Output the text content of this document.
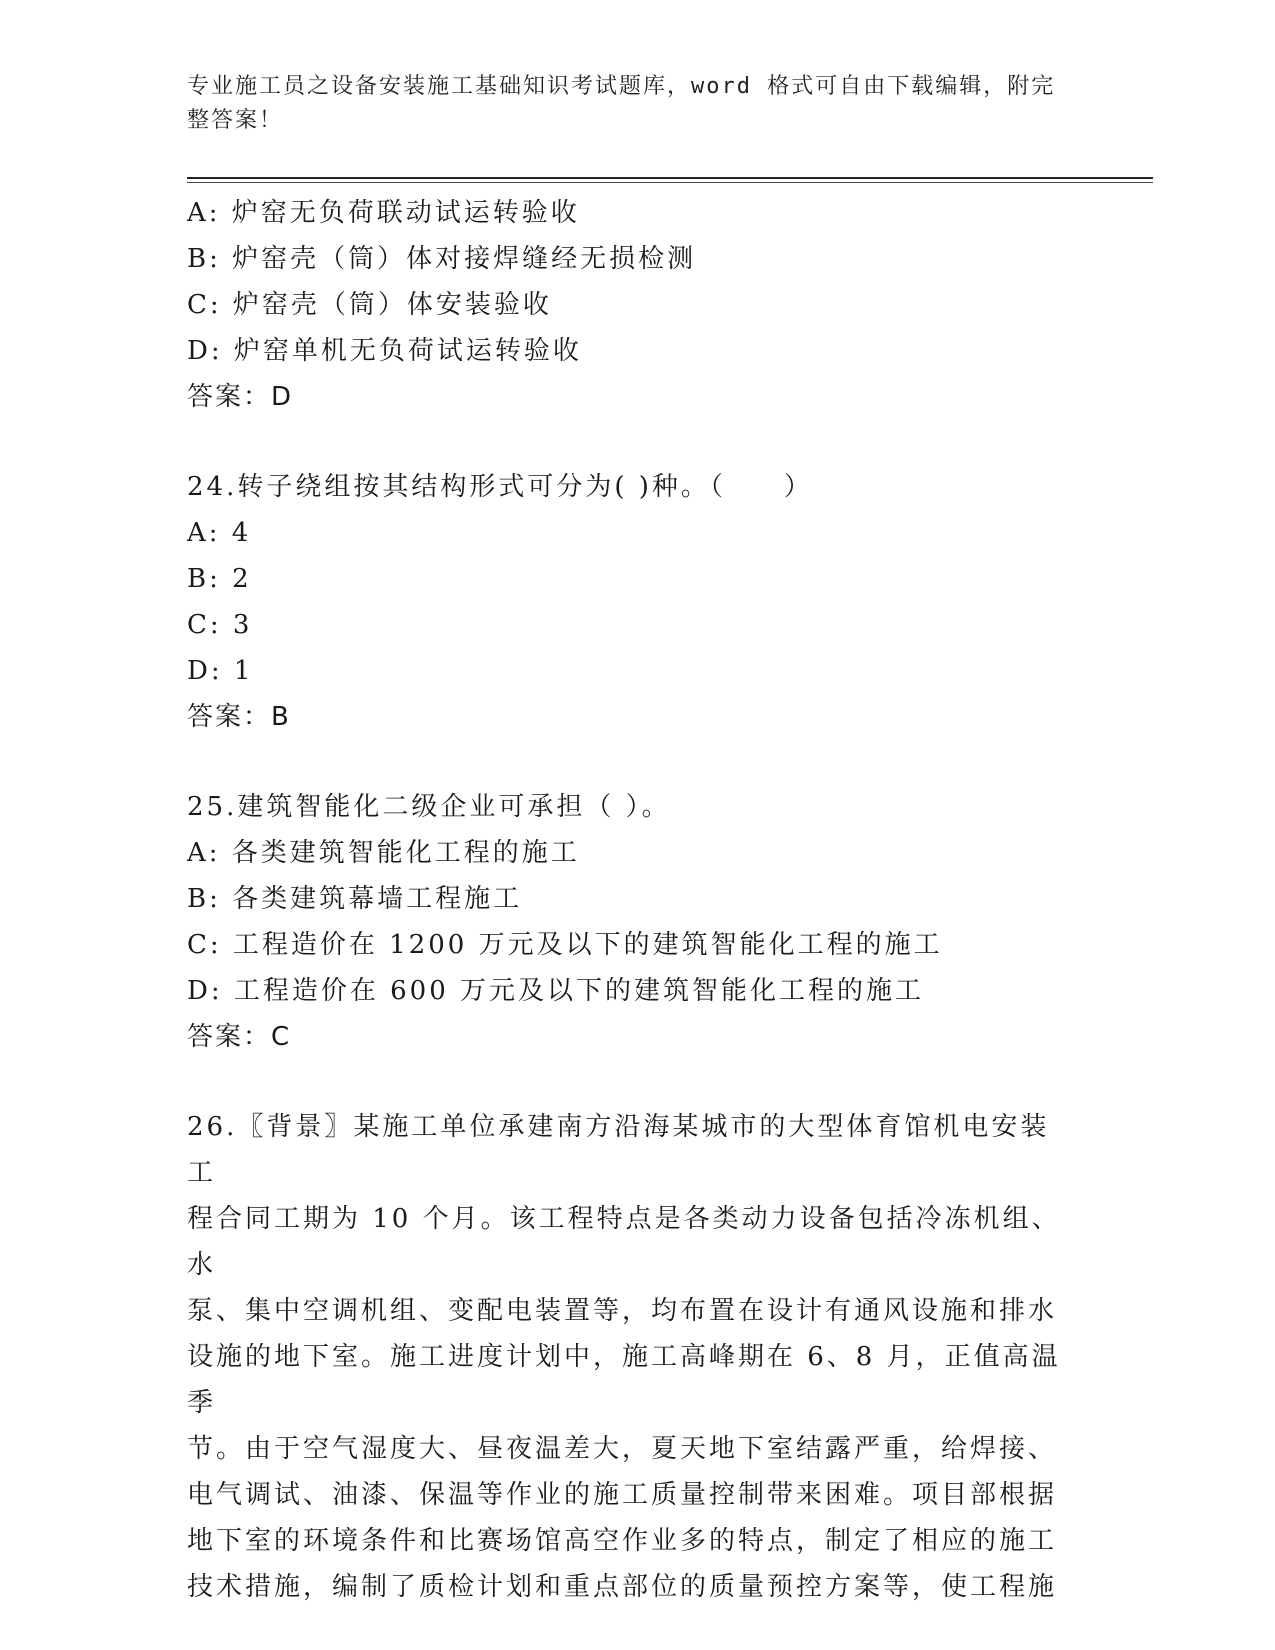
专业施工员之设备安装施工基础知识考试题库，word 格式可自由下载编辑，附完
整答案！
A: 炉窑无负荷联动试运转验收
B: 炉窑壳（筒）体对接焊缝经无损检测
C: 炉窑壳（筒）体安装验收
D: 炉窑单机无负荷试运转验收
答案：D
24.转子绕组按其结构形式可分为( )种。（　　）
A: 4
B: 2
C: 3
D: 1
答案：B
25.建筑智能化二级企业可承担（ ）。
A: 各类建筑智能化工程的施工
B: 各类建筑幕墙工程施工
C: 工程造价在 1200 万元及以下的建筑智能化工程的施工
D: 工程造价在 600 万元及以下的建筑智能化工程的施工
答案：C
26.〖背景〗某施工单位承建南方沿海某城市的大型体育馆机电安装工
程合同工期为 10 个月。该工程特点是各类动力设备包括冷冻机组、水
泵、集中空调机组、变配电装置等，均布置在设计有通风设施和排水
设施的地下室。施工进度计划中，施工高峰期在 6、8 月，正值高温季
节。由于空气湿度大、昼夜温差大，夏天地下室结露严重，给焊接、
电气调试、油漆、保温等作业的施工质量控制带来困难。项目部根据
地下室的环境条件和比赛场馆高空作业多的特点，制定了相应的施工
技术措施，编制了质检计划和重点部位的质量预控方案等，使工程施
